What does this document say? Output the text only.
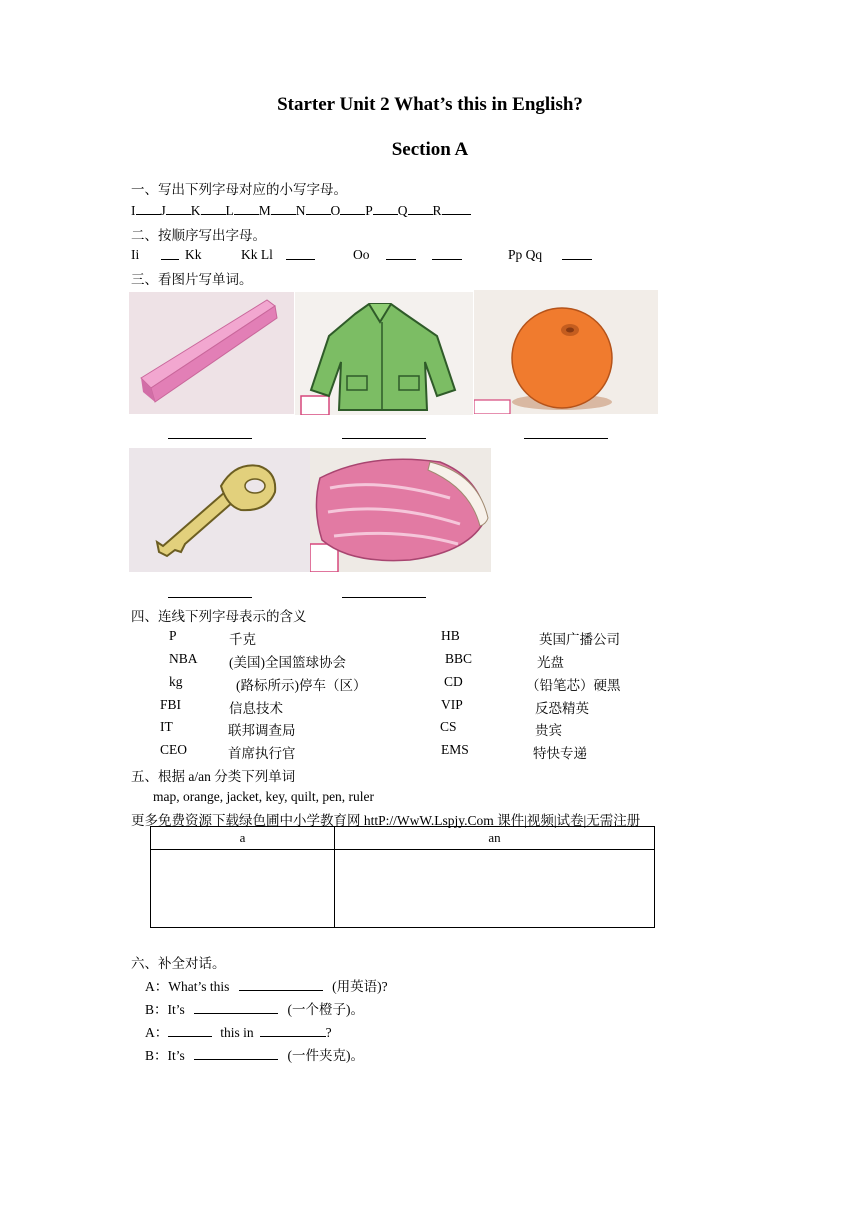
Starter Unit 2 What’s this in English?
Section A
一、写出下列字母对应的小写字母。
I J K L M N O P Q R
二、按顺序写出字母。
Ii	Kk	Kk Ll	Oo	Pp Qq
三、看图片写单词。
四、连线下列字母表示的含义
P	千克	HB	英国广播公司
NBA (美国)全国篮球协会	BBC	光盘
kg	(路标所示)停车（区）	CD	（铅笔芯）硬黑
FBI	信息技术	VIP	反恐精英
IT	联邦调查局	CS	贵宾
CEO	首席执行官	EMS	特快专递
五、根据 a/an 分类下列单词
map, orange, jacket, key, quilt, pen, ruler
更多免费资源下载绿色圃中小学教育网 httP://WwW.Lspjy.Com 课件|视频|试卷|无需注册
a	an

六、补全对话。
A：What’s this	(用英语)?
B：It’s	(一个橙子)。
A：	this in	?
B：It’s	(一件夹克)。
